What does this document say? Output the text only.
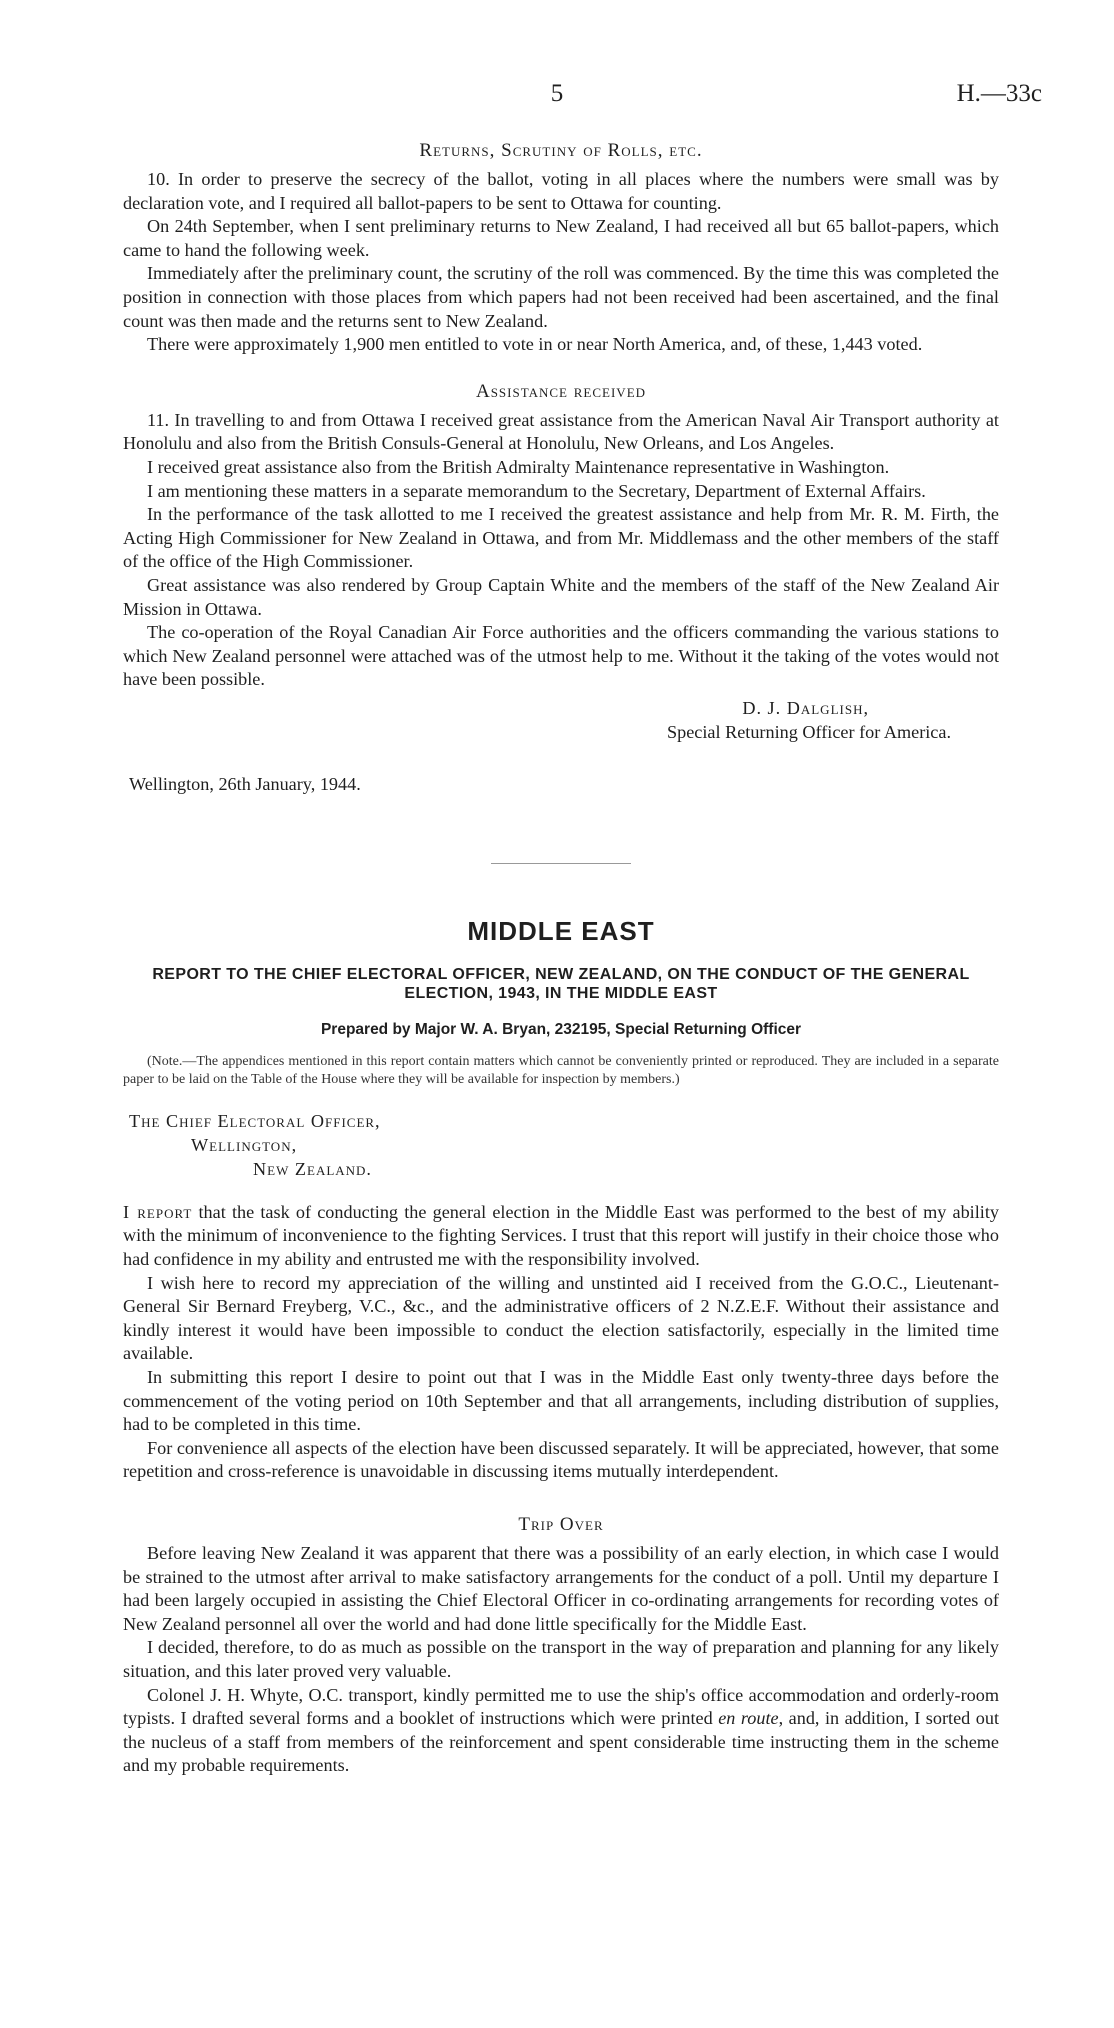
5	H.—33c
Returns, Scrutiny of Rolls, etc.

10. In order to preserve the secrecy of the ballot, voting in all places where the numbers were small was by declaration vote, and I required all ballot-papers to be sent to Ottawa for counting.

On 24th September, when I sent preliminary returns to New Zealand, I had received all but 65 ballot-papers, which came to hand the following week.

Immediately after the preliminary count, the scrutiny of the roll was commenced. By the time this was completed the position in connection with those places from which papers had not been received had been ascertained, and the final count was then made and the returns sent to New Zealand.

There were approximately 1,900 men entitled to vote in or near North America, and, of these, 1,443 voted.

Assistance received

11. In travelling to and from Ottawa I received great assistance from the American Naval Air Transport authority at Honolulu and also from the British Consuls-General at Honolulu, New Orleans, and Los Angeles.

I received great assistance also from the British Admiralty Maintenance representative in Washington.

I am mentioning these matters in a separate memorandum to the Secretary, Department of External Affairs.

In the performance of the task allotted to me I received the greatest assistance and help from Mr. R. M. Firth, the Acting High Commissioner for New Zealand in Ottawa, and from Mr. Middlemass and the other members of the staff of the office of the High Commissioner.

Great assistance was also rendered by Group Captain White and the members of the staff of the New Zealand Air Mission in Ottawa.

The co-operation of the Royal Canadian Air Force authorities and the officers commanding the various stations to which New Zealand personnel were attached was of the utmost help to me. Without it the taking of the votes would not have been possible.

D. J. Dalglish,
Special Returning Officer for America.
Wellington, 26th January, 1944.
MIDDLE EAST
REPORT TO THE CHIEF ELECTORAL OFFICER, NEW ZEALAND, ON THE CONDUCT OF THE GENERAL ELECTION, 1943, IN THE MIDDLE EAST
Prepared by Major W. A. Bryan, 232195, Special Returning Officer
(Note.—The appendices mentioned in this report contain matters which cannot be conveniently printed or reproduced. They are included in a separate paper to be laid on the Table of the House where they will be available for inspection by members.)
The Chief Electoral Officer,
Wellington,
New Zealand.

I report that the task of conducting the general election in the Middle East was performed to the best of my ability with the minimum of inconvenience to the fighting Services. I trust that this report will justify in their choice those who had confidence in my ability and entrusted me with the responsibility involved.

I wish here to record my appreciation of the willing and unstinted aid I received from the G.O.C., Lieutenant-General Sir Bernard Freyberg, V.C., &c., and the administrative officers of 2 N.Z.E.F. Without their assistance and kindly interest it would have been impossible to conduct the election satisfactorily, especially in the limited time available.

In submitting this report I desire to point out that I was in the Middle East only twenty-three days before the commencement of the voting period on 10th September and that all arrangements, including distribution of supplies, had to be completed in this time.

For convenience all aspects of the election have been discussed separately. It will be appreciated, however, that some repetition and cross-reference is unavoidable in discussing items mutually interdependent.

Trip Over

Before leaving New Zealand it was apparent that there was a possibility of an early election, in which case I would be strained to the utmost after arrival to make satisfactory arrangements for the conduct of a poll. Until my departure I had been largely occupied in assisting the Chief Electoral Officer in co-ordinating arrangements for recording votes of New Zealand personnel all over the world and had done little specifically for the Middle East.

I decided, therefore, to do as much as possible on the transport in the way of preparation and planning for any likely situation, and this later proved very valuable.

Colonel J. H. Whyte, O.C. transport, kindly permitted me to use the ship's office accommodation and orderly-room typists. I drafted several forms and a booklet of instructions which were printed en route, and, in addition, I sorted out the nucleus of a staff from members of the reinforcement and spent considerable time instructing them in the scheme and my probable requirements.
